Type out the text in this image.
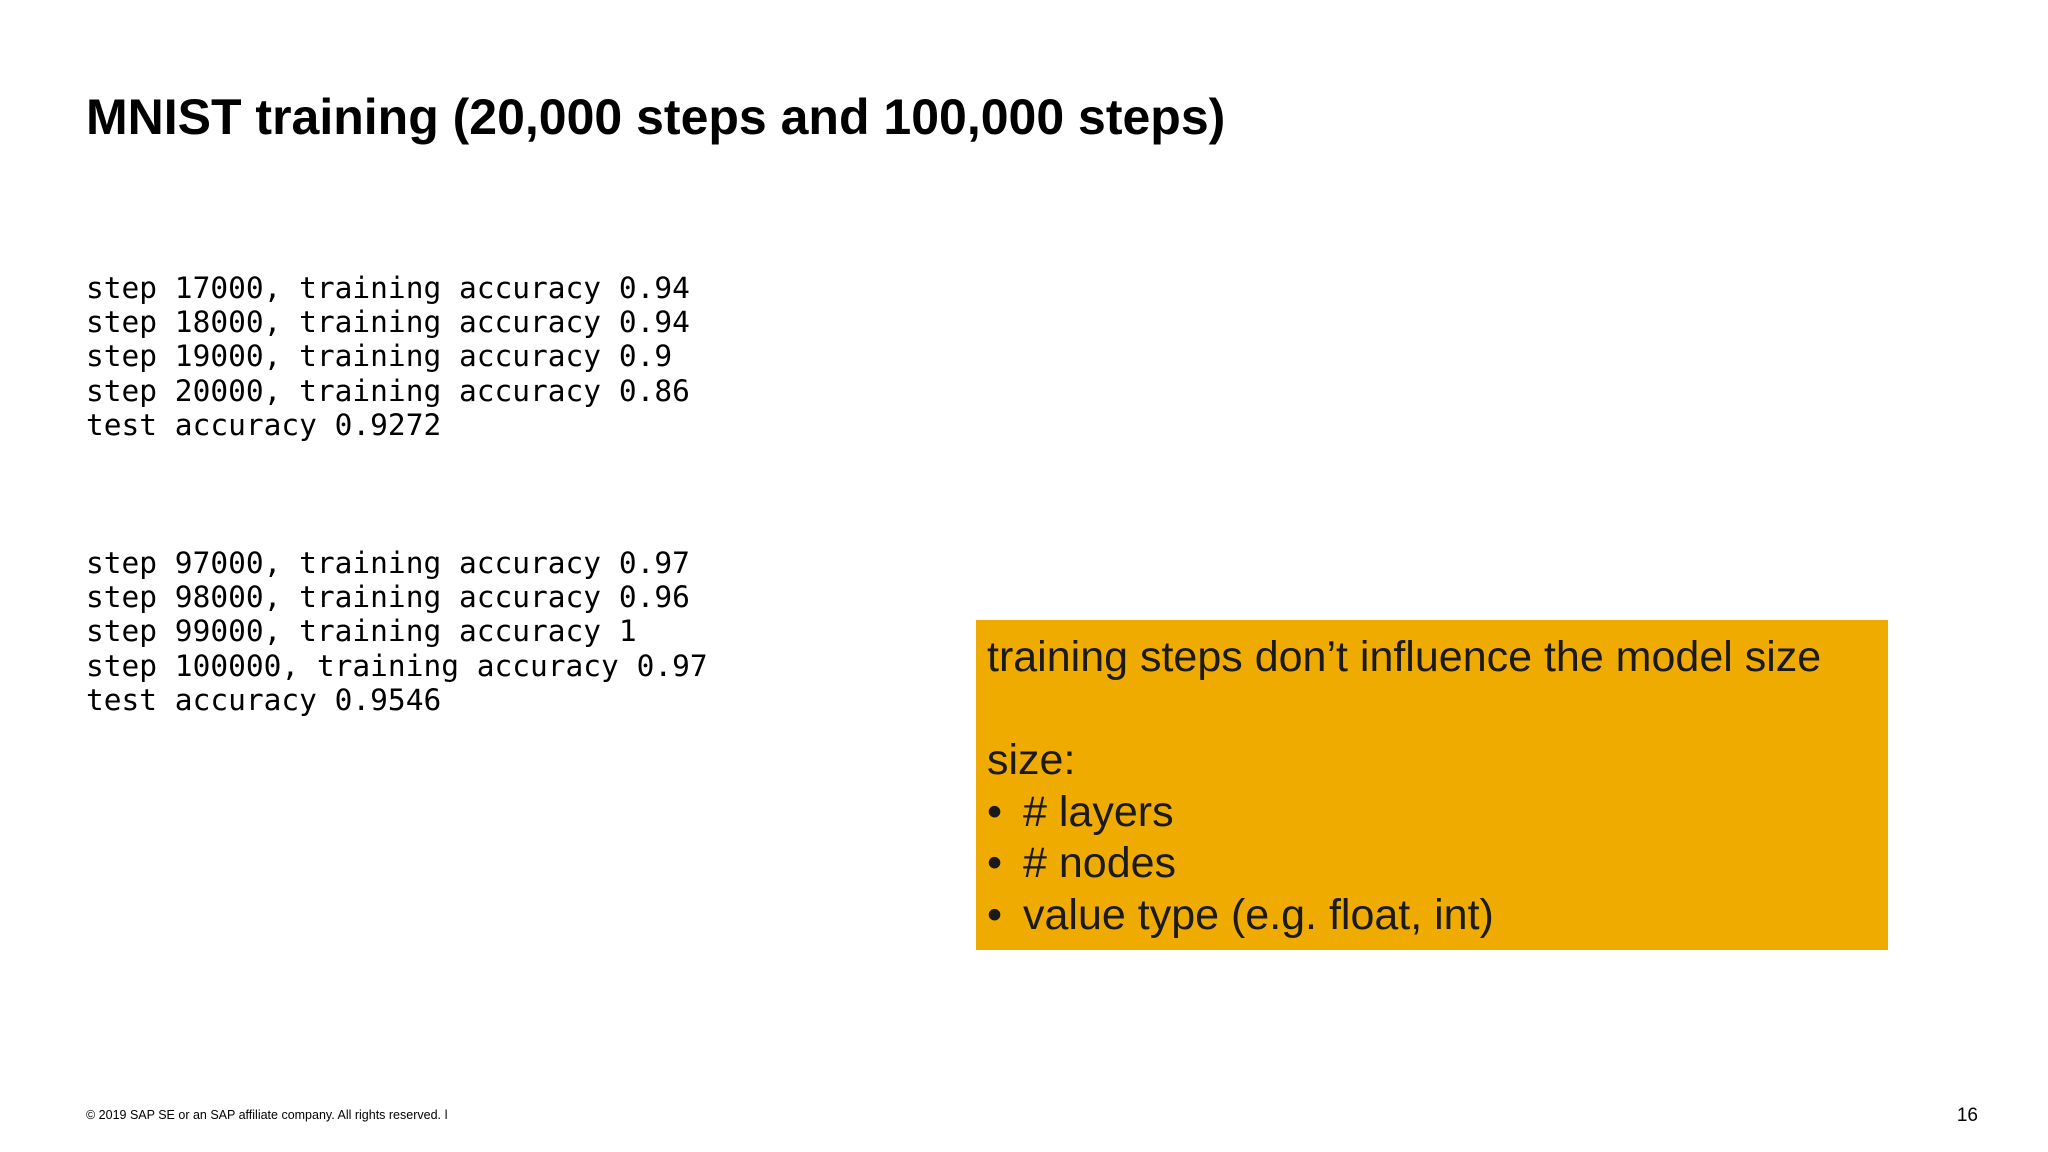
MNIST training (20,000 steps and 100,000 steps)
step 17000, training accuracy 0.94
step 18000, training accuracy 0.94
step 19000, training accuracy 0.9
step 20000, training accuracy 0.86
test accuracy 0.9272
step 97000, training accuracy 0.97
step 98000, training accuracy 0.96
step 99000, training accuracy 1
step 100000, training accuracy 0.97
test accuracy 0.9546
training steps don’t influence the model size
size:
• # layers
• # nodes
• value type (e.g. float, int)
© 2019 SAP SE or an SAP affiliate company. All rights reserved. ǀ	16
